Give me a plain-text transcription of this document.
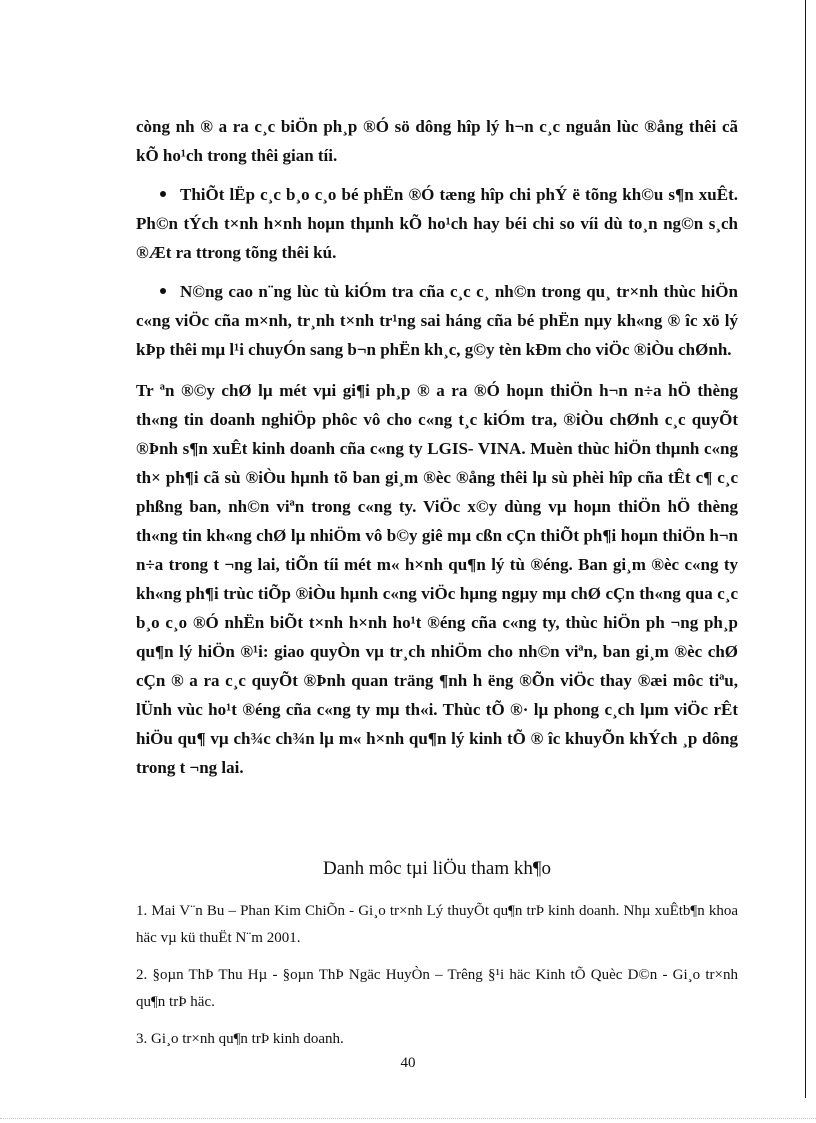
còng nh ® a ra c¸c biÖn ph¸p ®Ó sö dông hîp lý h¬n c¸c nguån lùc ®ång thêi cã kÕ ho¹ch trong thêi gian tíi.

ThiÕt lËp c¸c b¸o c¸o bé phËn ®Ó tæng hîp chi phÝ ë tõng kh©u s¶n xuÊt. Ph©n tÝch t×nh h×nh hoµn thµnh kÕ ho¹ch hay béi chi so víi dù to¸n ng©n s¸ch ®Æt ra ttrong tõng thêi kú.

N©ng cao n¨ng lùc tù kiÓm tra cña c¸c c¸ nh©n trong qu¸ tr×nh thùc hiÖn c«ng viÖc cña m×nh, tr¸nh t×nh tr¹ng sai háng cña bé phËn nµy kh«ng ® îc xö lý kÞp thêi mµ l¹i chuyÓn sang b¬n phËn kh¸c, g©y tèn kÐm cho viÖc ®iÒu chØnh.

Tr ªn ®©y chØ lµ mét vµi gi¶i ph¸p ® a ra ®Ó hoµn thiÖn h¬n n÷a hÖ thèng th«ng tin doanh nghiÖp phôc vô cho c«ng t¸c kiÓm tra, ®iÒu chØnh c¸c quyÕt ®Þnh s¶n xuÊt kinh doanh cña c«ng ty LGIS- VINA. Muèn thùc hiÖn thµnh c«ng th× ph¶i cã sù ®iÒu hµnh tõ ban gi¸m ®èc ®ång thêi lµ sù phèi hîp cña tÊt c¶ c¸c phßng ban, nh©n viªn trong c«ng ty. ViÖc x©y dùng vµ hoµn thiÖn hÖ thèng th«ng tin kh«ng chØ lµ nhiÖm vô b©y giê mµ cßn cÇn thiÕt ph¶i hoµn thiÖn h¬n n÷a trong t ¬ng lai, tiÕn tíi mét m« h×nh qu¶n lý tù ®éng. Ban gi¸m ®èc c«ng ty kh«ng ph¶i trùc tiÕp ®iÒu hµnh c«ng viÖc hµng ngµy mµ chØ cÇn th«ng qua c¸c b¸o c¸o ®Ó nhËn biÕt t×nh h×nh ho¹t ®éng cña c«ng ty, thùc hiÖn ph ¬ng ph¸p qu¶n lý hiÖn ®¹i: giao quyÒn vµ tr¸ch nhiÖm cho nh©n viªn, ban gi¸m ®èc chØ cÇn ® a ra c¸c quyÕt ®Þnh quan träng ¶nh h ëng ®Õn viÖc thay ®æi môc tiªu, lÜnh vùc ho¹t ®éng cña c«ng ty mµ th«i. Thùc tÕ ®· lµ phong c¸ch lµm viÖc rÊt hiÖu qu¶ vµ ch¾c ch¾n lµ m« h×nh qu¶n lý kinh tÕ ® îc khuyÕn khÝch ¸p dông trong t ¬ng lai.

Danh môc tµi liÖu tham kh¶o

1. Mai V¨n Bu – Phan Kim ChiÕn - Gi¸o tr×nh Lý thuyÕt qu¶n trÞ kinh doanh. Nhµ xuÊtb¶n khoa häc vµ kü thuËt N¨m 2001.

2. §oµn ThÞ Thu Hµ - §oµn ThÞ Ngäc HuyÒn – Trêng §¹i häc Kinh tÕ Quèc D©n - Gi¸o tr×nh qu¶n trÞ häc.

3. Gi¸o tr×nh qu¶n trÞ kinh doanh.

40
